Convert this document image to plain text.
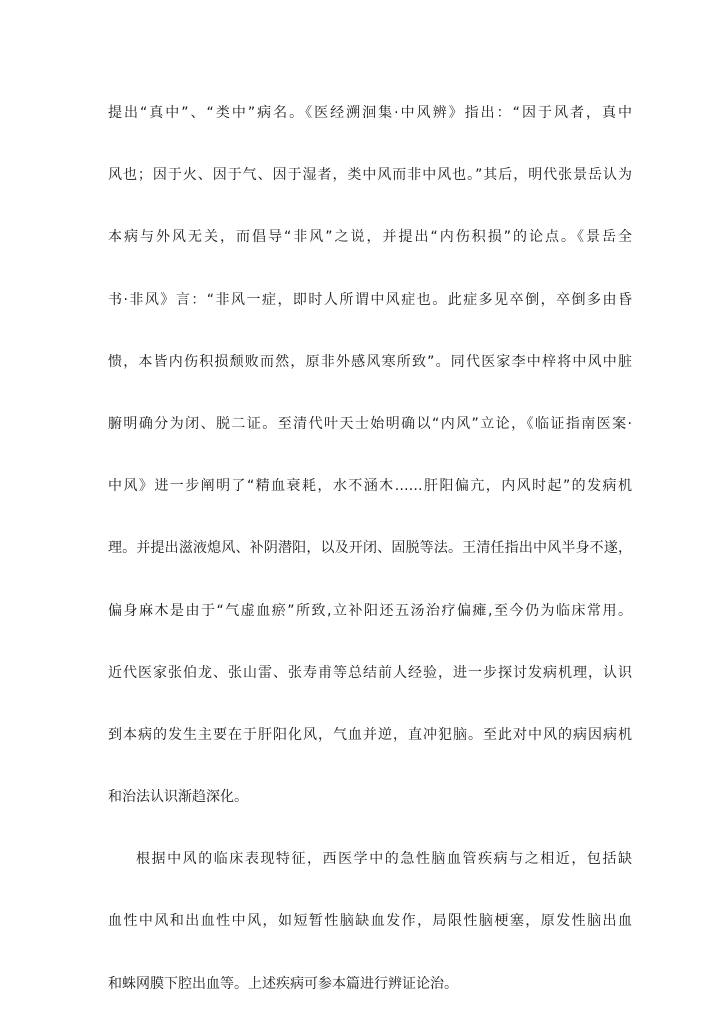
提出“真中”、“类中”病名。《医经溯洄集·中风辨》指出：“因于风者，真中
风也；因于火、因于气、因于湿者，类中风而非中风也。”其后，明代张景岳认为
本病与外风无关，而倡导“非风”之说，并提出“内伤积损”的论点。《景岳全
书·非风》言：“非风一症，即时人所谓中风症也。此症多见卒倒，卒倒多由昏
愦，本皆内伤积损颓败而然，原非外感风寒所致”。同代医家李中梓将中风中脏
腑明确分为闭、脱二证。至清代叶天士始明确以“内风”立论，《临证指南医案·
中风》进一步阐明了“精血衰耗，水不涵木……肝阳偏亢，内风时起”的发病机
理。并提出滋液熄风、补阴潜阳，以及开闭、固脱等法。王清任指出中风半身不遂，
偏身麻木是由于“气虚血瘀”所致,立补阳还五汤治疗偏瘫,至今仍为临床常用。
近代医家张伯龙、张山雷、张寿甫等总结前人经验，进一步探讨发病机理，认识
到本病的发生主要在于肝阳化风，气血并逆，直冲犯脑。至此对中风的病因病机
和治法认识渐趋深化。
根据中风的临床表现特征，西医学中的急性脑血管疾病与之相近，包括缺
血性中风和出血性中风，如短暂性脑缺血发作，局限性脑梗塞，原发性脑出血
和蛛网膜下腔出血等。上述疾病可参本篇进行辨证论治。
